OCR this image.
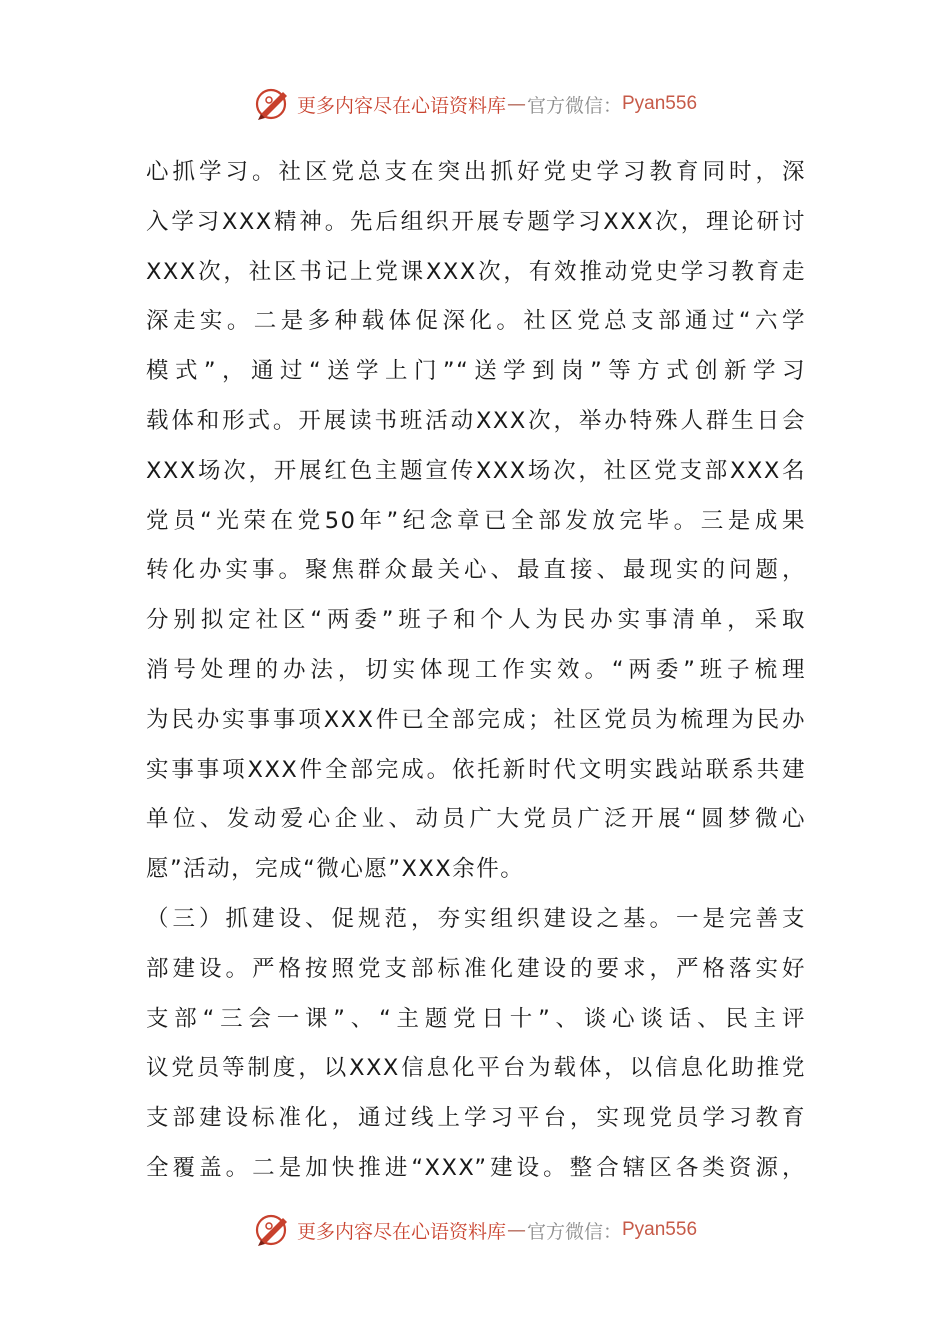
更多内容尽在心语资料库 — 官方微信： Pyan556
心抓学习。社区党总支在突出抓好党史学习教育同时，深
入学习XXX精神。先后组织开展专题学习XXX次，理论研讨
XXX次，社区书记上党课XXX次，有效推动党史学习教育走
深走实。二是多种载体促深化。社区党总支部通过“六学
模式”，通过“送学上门”“送学到岗”等方式创新学习
载体和形式。开展读书班活动XXX次，举办特殊人群生日会
XXX场次，开展红色主题宣传XXX场次，社区党支部XXX名
党员“光荣在党50年”纪念章已全部发放完毕。三是成果
转化办实事。聚焦群众最关心、最直接、最现实的问题，
分别拟定社区“两委”班子和个人为民办实事清单，采取
消号处理的办法，切实体现工作实效。“两委”班子梳理
为民办实事事项XXX件已全部完成；社区党员为梳理为民办
实事事项XXX件全部完成。依托新时代文明实践站联系共建
单位、发动爱心企业、动员广大党员广泛开展“圆梦微心
愿”活动，完成“微心愿”XXX余件。
（三）抓建设、促规范，夯实组织建设之基。一是完善支
部建设。严格按照党支部标准化建设的要求，严格落实好
支部“三会一课”、“主题党日十”、谈心谈话、民主评
议党员等制度，以XXX信息化平台为载体，以信息化助推党
支部建设标准化，通过线上学习平台，实现党员学习教育
全覆盖。二是加快推进“XXX”建设。整合辖区各类资源，
更多内容尽在心语资料库 — 官方微信： Pyan556
